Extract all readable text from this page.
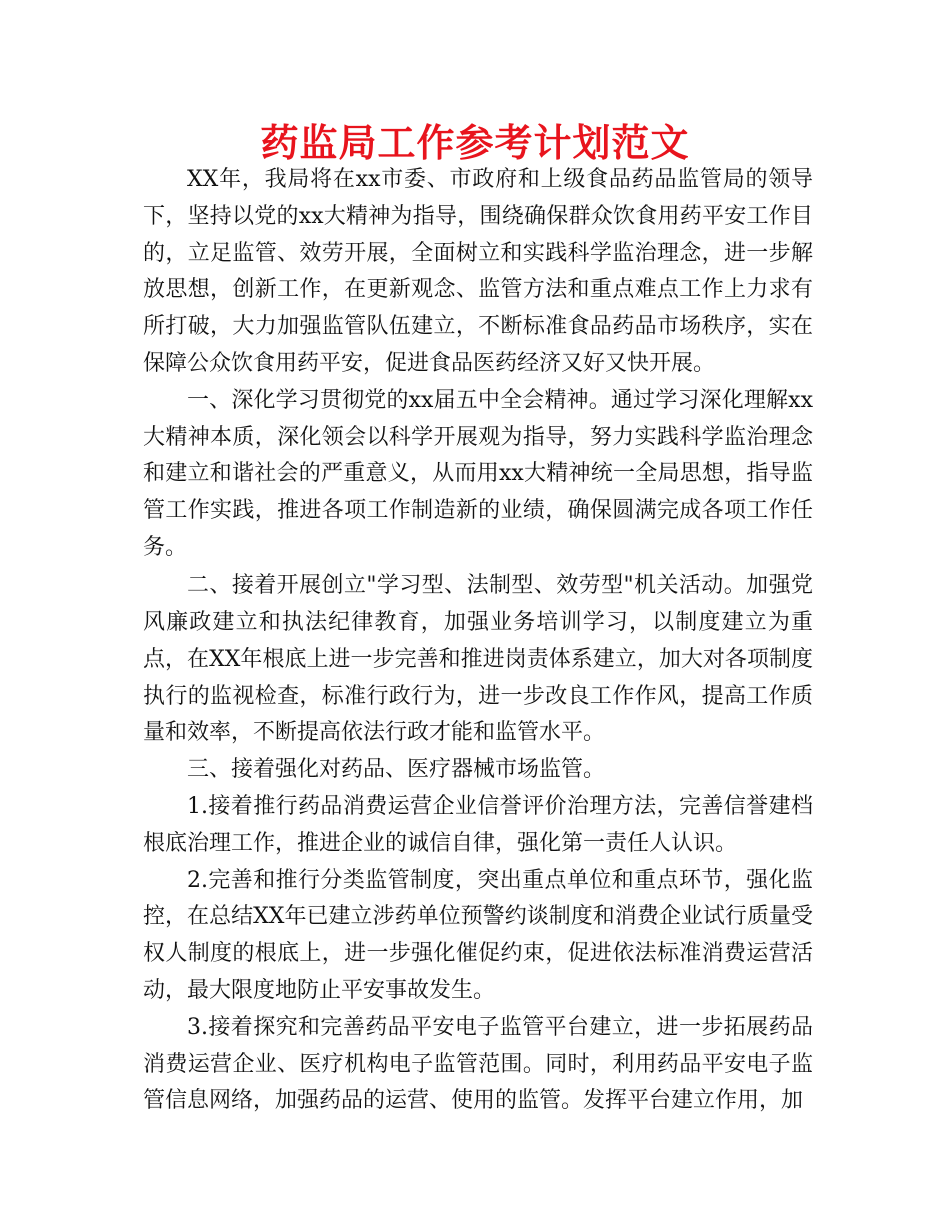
药监局工作参考计划范文

XX年，我局将在xx市委、市政府和上级食品药品监管局的领导下，坚持以党的xx大精神为指导，围绕确保群众饮食用药平安工作目的，立足监管、效劳开展，全面树立和实践科学监治理念，进一步解放思想，创新工作，在更新观念、监管方法和重点难点工作上力求有所打破，大力加强监管队伍建立，不断标准食品药品市场秩序，实在保障公众饮食用药平安，促进食品医药经济又好又快开展。

一、深化学习贯彻党的xx届五中全会精神。通过学习深化理解xx大精神本质，深化领会以科学开展观为指导，努力实践科学监治理念和建立和谐社会的严重意义，从而用xx大精神统一全局思想，指导监管工作实践，推进各项工作制造新的业绩，确保圆满完成各项工作任务。

二、接着开展创立"学习型、法制型、效劳型"机关活动。加强党风廉政建立和执法纪律教育，加强业务培训学习，以制度建立为重点，在XX年根底上进一步完善和推进岗责体系建立，加大对各项制度执行的监视检查，标准行政行为，进一步改良工作作风，提高工作质量和效率，不断提高依法行政才能和监管水平。

三、接着强化对药品、医疗器械市场监管。

1.接着推行药品消费运营企业信誉评价治理方法，完善信誉建档根底治理工作，推进企业的诚信自律，强化第一责任人认识。

2.完善和推行分类监管制度，突出重点单位和重点环节，强化监控，在总结XX年已建立涉药单位预警约谈制度和消费企业试行质量受权人制度的根底上，进一步强化催促约束，促进依法标准消费运营活动，最大限度地防止平安事故发生。

3.接着探究和完善药品平安电子监管平台建立，进一步拓展药品消费运营企业、医疗机构电子监管范围。同时，利用药品平安电子监管信息网络，加强药品的运营、使用的监管。发挥平台建立作用，加
